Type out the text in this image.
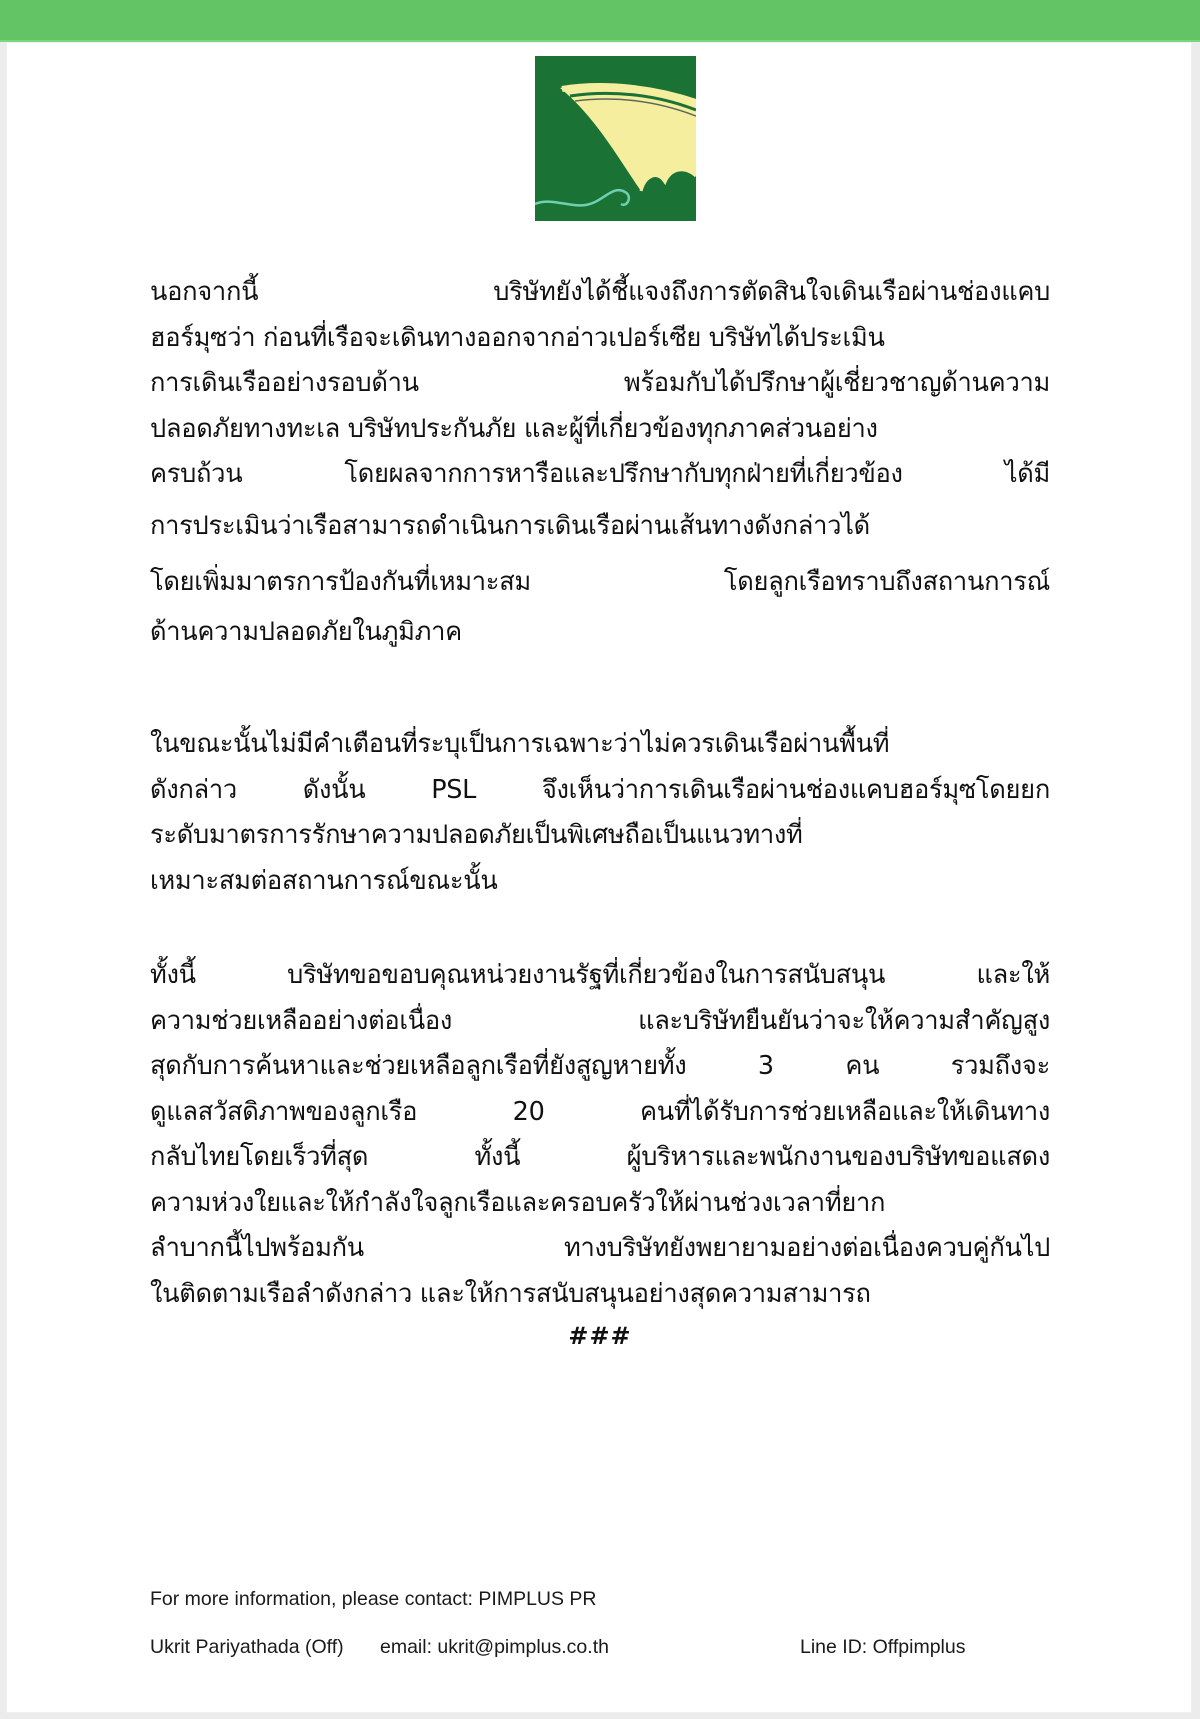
นอกจากนี้	บริษัทยังได้ชี้แจงถึงการตัดสินใจเดินเรือผ่านช่องแคบ
ฮอร์มุซว่า ก่อนที่เรือจะเดินทางออกจากอ่าวเปอร์เซีย บริษัทได้ประเมิน
การเดินเรืออย่างรอบด้าน	พร้อมกับได้ปรึกษาผู้เชี่ยวชาญด้านความ
ปลอดภัยทางทะเล บริษัทประกันภัย และผู้ที่เกี่ยวข้องทุกภาคส่วนอย่าง
ครบถ้วน	โดยผลจากการหารือและปรึกษากับทุกฝ่ายที่เกี่ยวข้อง	ได้มี
การประเมินว่าเรือสามารถดำเนินการเดินเรือผ่านเส้นทางดังกล่าวได้
โดยเพิ่มมาตรการป้องกันที่เหมาะสม	โดยลูกเรือทราบถึงสถานการณ์
ด้านความปลอดภัยในภูมิภาค
ในขณะนั้นไม่มีคำเตือนที่ระบุเป็นการเฉพาะว่าไม่ควรเดินเรือผ่านพื้นที่
ดังกล่าว	ดังนั้น	PSL	จึงเห็นว่าการเดินเรือผ่านช่องแคบฮอร์มุซโดยยก
ระดับมาตรการรักษาความปลอดภัยเป็นพิเศษถือเป็นแนวทางที่
เหมาะสมต่อสถานการณ์ขณะนั้น
ทั้งนี้	บริษัทขอขอบคุณหน่วยงานรัฐที่เกี่ยวข้องในการสนับสนุน	และให้
ความช่วยเหลืออย่างต่อเนื่อง	และบริษัทยืนยันว่าจะให้ความสำคัญสูง
สุดกับการค้นหาและช่วยเหลือลูกเรือที่ยังสูญหายทั้ง	3	คน	รวมถึงจะ
ดูแลสวัสดิภาพของลูกเรือ	20	คนที่ได้รับการช่วยเหลือและให้เดินทาง
กลับไทยโดยเร็วที่สุด	ทั้งนี้	ผู้บริหารและพนักงานของบริษัทขอแสดง
ความห่วงใยและให้กำลังใจลูกเรือและครอบครัวให้ผ่านช่วงเวลาที่ยาก
ลำบากนี้ไปพร้อมกัน	ทางบริษัทยังพยายามอย่างต่อเนื่องควบคู่กันไป
ในติดตามเรือลำดังกล่าว และให้การสนับสนุนอย่างสุดความสามารถ
###
For more information, please contact: PIMPLUS PR
Ukrit Pariyathada (Off)	email: ukrit@pimplus.co.th	Line ID: Offpimplus
